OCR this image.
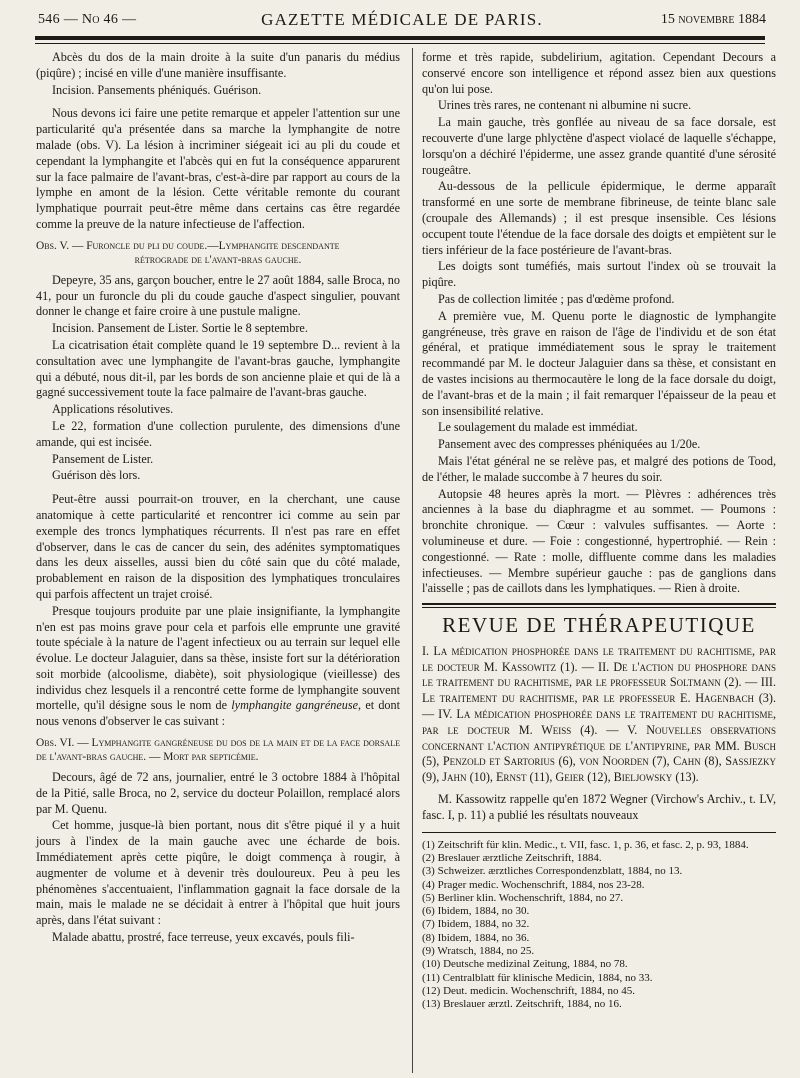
546 — No 46 —	GAZETTE MÉDICALE DE PARIS.	15 novembre 1884

Abcès du dos de la main droite à la suite d'un panaris du médius (piqûre) ; incisé en ville d'une manière insuffisante.

Incision. Pansements phéniqués. Guérison.

Nous devons ici faire une petite remarque et appeler l'attention sur une particularité qu'a présentée dans sa marche la lymphangite de notre malade (obs. V). La lésion à incriminer siégeait ici au pli du coude et cependant la lymphangite et l'abcès qui en fut la conséquence apparurent sur la face palmaire de l'avant-bras, c'est-à-dire par rapport au cours de la lymphe en amont de la lésion. Cette véritable remonte du courant lymphatique pourrait peut-être même dans certains cas être regardée comme la preuve de la nature infectieuse de l'affection.

Obs. V. — Furoncle du pli du coude.—Lymphangite descendante
rétrograde de l'avant-bras gauche.

Depeyre, 35 ans, garçon boucher, entre le 27 août 1884, salle Broca, no 41, pour un furoncle du pli du coude gauche d'aspect singulier, pouvant donner le change et faire croire à une pustule maligne.

Incision. Pansement de Lister. Sortie le 8 septembre.

La cicatrisation était complète quand le 19 septembre D... revient à la consultation avec une lymphangite de l'avant-bras gauche, lymphangite qui a débuté, nous dit-il, par les bords de son ancienne plaie et qui de là a gagné successivement toute la face palmaire de l'avant-bras gauche.

Applications résolutives.

Le 22, formation d'une collection purulente, des dimensions d'une amande, qui est incisée.

Pansement de Lister.

Guérison dès lors.

Peut-être aussi pourrait-on trouver, en la cherchant, une cause anatomique à cette particularité et rencontrer ici comme au sein par exemple des troncs lymphatiques récurrents. Il n'est pas rare en effet d'observer, dans le cas de cancer du sein, des adénites symptomatiques dans les deux aisselles, aussi bien du côté sain que du côté malade, probablement en raison de la disposition des lymphatiques tronculaires qui parfois affectent un trajet croisé.

Presque toujours produite par une plaie insignifiante, la lymphangite n'en est pas moins grave pour cela et parfois elle emprunte une gravité toute spéciale à la nature de l'agent infectieux ou au terrain sur lequel elle évolue. Le docteur Jalaguier, dans sa thèse, insiste fort sur la détérioration soit morbide (alcoolisme, diabète), soit physiologique (vieillesse) des individus chez lesquels il a rencontré cette forme de lymphangite souvent mortelle, qu'il désigne sous le nom de lymphangite gangréneuse, et dont nous venons d'observer le cas suivant :

Obs. VI. — Lymphangite gangréneuse du dos de la main et de la face dorsale de l'avant-bras gauche. — Mort par septicémie.

Decours, âgé de 72 ans, journalier, entré le 3 octobre 1884 à l'hôpital de la Pitié, salle Broca, no 2, service du docteur Polaillon, remplacé alors par M. Quenu.

Cet homme, jusque-là bien portant, nous dit s'être piqué il y a huit jours à l'index de la main gauche avec une écharde de bois. Immédiatement après cette piqûre, le doigt commença à rougir, à augmenter de volume et à devenir très douloureux. Peu à peu les phénomènes s'accentuaient, l'inflammation gagnait la face dorsale de la main, mais le malade ne se décidait à entrer à l'hôpital que huit jours après, dans l'état suivant :

Malade abattu, prostré, face terreuse, yeux excavés, pouls fili-

forme et très rapide, subdelirium, agitation. Cependant Decours a conservé encore son intelligence et répond assez bien aux questions qu'on lui pose.

Urines très rares, ne contenant ni albumine ni sucre.

La main gauche, très gonflée au niveau de sa face dorsale, est recouverte d'une large phlyctène d'aspect violacé de laquelle s'échappe, lorsqu'on a déchiré l'épiderme, une assez grande quantité d'une sérosité rougeâtre.

Au-dessous de la pellicule épidermique, le derme apparaît transformé en une sorte de membrane fibrineuse, de teinte blanc sale (croupale des Allemands) ; il est presque insensible. Ces lésions occupent toute l'étendue de la face dorsale des doigts et empiètent sur le tiers inférieur de la face postérieure de l'avant-bras.

Les doigts sont tuméfiés, mais surtout l'index où se trouvait la piqûre.

Pas de collection limitée ; pas d'œdème profond.

A première vue, M. Quenu porte le diagnostic de lymphangite gangréneuse, très grave en raison de l'âge de l'individu et de son état général, et pratique immédiatement sous le spray le traitement recommandé par M. le docteur Jalaguier dans sa thèse, et consistant en de vastes incisions au thermocautère le long de la face dorsale du doigt, de l'avant-bras et de la main ; il fait remarquer l'épaisseur de la peau et son insensibilité relative.

Le soulagement du malade est immédiat.

Pansement avec des compresses phéniquées au 1/20e.

Mais l'état général ne se relève pas, et malgré des potions de Tood, de l'éther, le malade succombe à 7 heures du soir.

Autopsie 48 heures après la mort. — Plèvres : adhérences très anciennes à la base du diaphragme et au sommet. — Poumons : bronchite chronique. — Cœur : valvules suffisantes. — Aorte : volumineuse et dure. — Foie : congestionné, hypertrophié. — Rein : congestionné. — Rate : molle, diffluente comme dans les maladies infectieuses. — Membre supérieur gauche : pas de ganglions dans l'aisselle ; pas de caillots dans les lymphatiques. — Rien à droite.

REVUE DE THÉRAPEUTIQUE

I. La médication phosphorée dans le traitement du rachitisme, par le docteur M. Kassowitz (1). — II. De l'action du phosphore dans le traitement du rachitisme, par le professeur Soltmann (2). — III. Le traitement du rachitisme, par le professeur E. Hagenbach (3). — IV. La médication phosphorée dans le traitement du rachitisme, par le docteur M. Weiss (4). — V. Nouvelles observations concernant l'action antipyrétique de l'antipyrine, par MM. Busch (5), Penzold et Sartorius (6), von Noorden (7), Cahn (8), Sassjezky (9), Jahn (10), Ernst (11), Geier (12), Bieljowsky (13).

M. Kassowitz rappelle qu'en 1872 Wegner (Virchow's Archiv., t. LV, fasc. I, p. 11) a publié les résultats nouveaux

(1) Zeitschrift für klin. Medic., t. VII, fasc. 1, p. 36, et fasc. 2, p. 93, 1884.
(2) Breslauer ærztliche Zeitschrift, 1884.
(3) Schweizer. ærztliches Correspondenzblatt, 1884, no 13.
(4) Prager medic. Wochenschrift, 1884, nos 23-28.
(5) Berliner klin. Wochenschrift, 1884, no 27.
(6) Ibidem, 1884, no 30.
(7) Ibidem, 1884, no 32.
(8) Ibidem, 1884, no 36.
(9) Wratsch, 1884, no 25.
(10) Deutsche medizinal Zeitung, 1884, no 78.
(11) Centralblatt für klinische Medicin, 1884, no 33.
(12) Deut. medicin. Wochenschrift, 1884, no 45.
(13) Breslauer ærztl. Zeitschrift, 1884, no 16.
